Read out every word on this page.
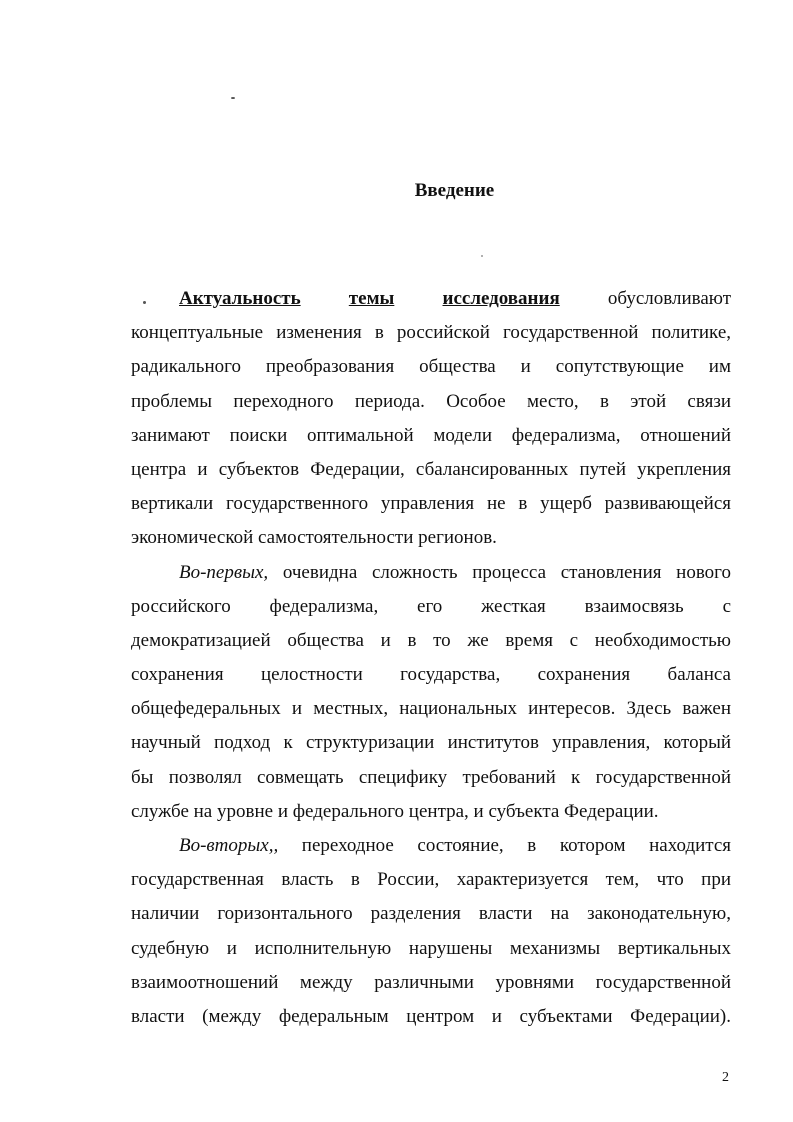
Введение
Актуальность	темы	исследования	обусловливают
концептуальные изменения в российской государственной политике,
радикального преобразования общества и сопутствующие им
проблемы переходного периода. Особое место, в этой связи
занимают поиски оптимальной модели федерализма, отношений
центра и субъектов Федерации, сбалансированных путей укрепления
вертикали государственного управления не в ущерб развивающейся
экономической самостоятельности регионов.
Во-первых, очевидна сложность процесса становления нового
российского федерализма, его жесткая взаимосвязь с
демократизацией общества и в то же время с необходимостью
сохранения целостности государства, сохранения баланса
общефедеральных и местных, национальных интересов. Здесь важен
научный подход к структуризации институтов управления, который
бы позволял совмещать специфику требований к государственной
службе на уровне и федерального центра, и субъекта Федерации.
Во-вторых,, переходное состояние, в котором находится
государственная власть в России, характеризуется тем, что при
наличии горизонтального разделения власти на законодательную,
судебную и исполнительную нарушены механизмы вертикальных
взаимоотношений между различными уровнями государственной
власти (между федеральным центром и субъектами Федерации).
2
